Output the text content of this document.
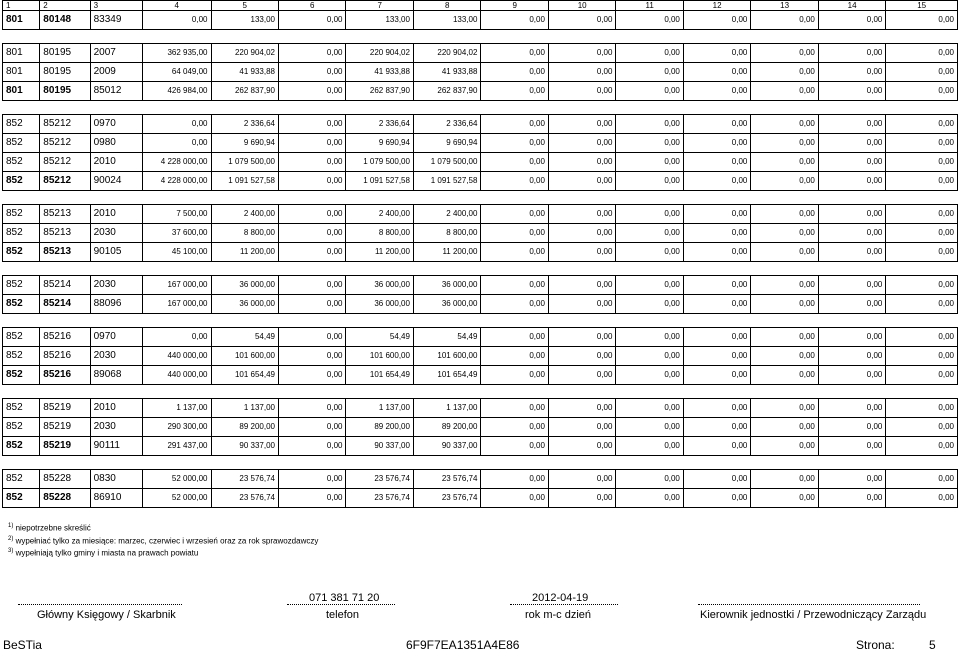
1	2	3	4	5	6	7	8	9	10	11	12	13	14	15
801	80148	83349	0,00	133,00	0,00	133,00	133,00	0,00	0,00	0,00	0,00	0,00	0,00	0,00

801	80195	2007	362 935,00	220 904,02	0,00	220 904,02	220 904,02	0,00	0,00	0,00	0,00	0,00	0,00	0,00
801	80195	2009	64 049,00	41 933,88	0,00	41 933,88	41 933,88	0,00	0,00	0,00	0,00	0,00	0,00	0,00
801	80195	85012	426 984,00	262 837,90	0,00	262 837,90	262 837,90	0,00	0,00	0,00	0,00	0,00	0,00	0,00

852	85212	0970	0,00	2 336,64	0,00	2 336,64	2 336,64	0,00	0,00	0,00	0,00	0,00	0,00	0,00
852	85212	0980	0,00	9 690,94	0,00	9 690,94	9 690,94	0,00	0,00	0,00	0,00	0,00	0,00	0,00
852	85212	2010	4 228 000,00	1 079 500,00	0,00	1 079 500,00	1 079 500,00	0,00	0,00	0,00	0,00	0,00	0,00	0,00
852	85212	90024	4 228 000,00	1 091 527,58	0,00	1 091 527,58	1 091 527,58	0,00	0,00	0,00	0,00	0,00	0,00	0,00

852	85213	2010	7 500,00	2 400,00	0,00	2 400,00	2 400,00	0,00	0,00	0,00	0,00	0,00	0,00	0,00
852	85213	2030	37 600,00	8 800,00	0,00	8 800,00	8 800,00	0,00	0,00	0,00	0,00	0,00	0,00	0,00
852	85213	90105	45 100,00	11 200,00	0,00	11 200,00	11 200,00	0,00	0,00	0,00	0,00	0,00	0,00	0,00

852	85214	2030	167 000,00	36 000,00	0,00	36 000,00	36 000,00	0,00	0,00	0,00	0,00	0,00	0,00	0,00
852	85214	88096	167 000,00	36 000,00	0,00	36 000,00	36 000,00	0,00	0,00	0,00	0,00	0,00	0,00	0,00

852	85216	0970	0,00	54,49	0,00	54,49	54,49	0,00	0,00	0,00	0,00	0,00	0,00	0,00
852	85216	2030	440 000,00	101 600,00	0,00	101 600,00	101 600,00	0,00	0,00	0,00	0,00	0,00	0,00	0,00
852	85216	89068	440 000,00	101 654,49	0,00	101 654,49	101 654,49	0,00	0,00	0,00	0,00	0,00	0,00	0,00

852	85219	2010	1 137,00	1 137,00	0,00	1 137,00	1 137,00	0,00	0,00	0,00	0,00	0,00	0,00	0,00
852	85219	2030	290 300,00	89 200,00	0,00	89 200,00	89 200,00	0,00	0,00	0,00	0,00	0,00	0,00	0,00
852	85219	90111	291 437,00	90 337,00	0,00	90 337,00	90 337,00	0,00	0,00	0,00	0,00	0,00	0,00	0,00

852	85228	0830	52 000,00	23 576,74	0,00	23 576,74	23 576,74	0,00	0,00	0,00	0,00	0,00	0,00	0,00
852	85228	86910	52 000,00	23 576,74	0,00	23 576,74	23 576,74	0,00	0,00	0,00	0,00	0,00	0,00	0,00
$^{1)}$ niepotrzebne skreślić
$^{2)}$ wypełniać tylko za miesiące: marzec, czerwiec i wrzesień oraz za rok sprawozdawczy
$^{3)}$ wypełniają tylko gminy i miasta na prawach powiatu
Główny Księgowy / Skarbnik
071 381 71 20
telefon
2012-04-19
rok m-c dzień	Kierownik jednostki / Przewodniczący Zarządu
BeSTia	6F9F7EA1351A4E86	Strona:	5
